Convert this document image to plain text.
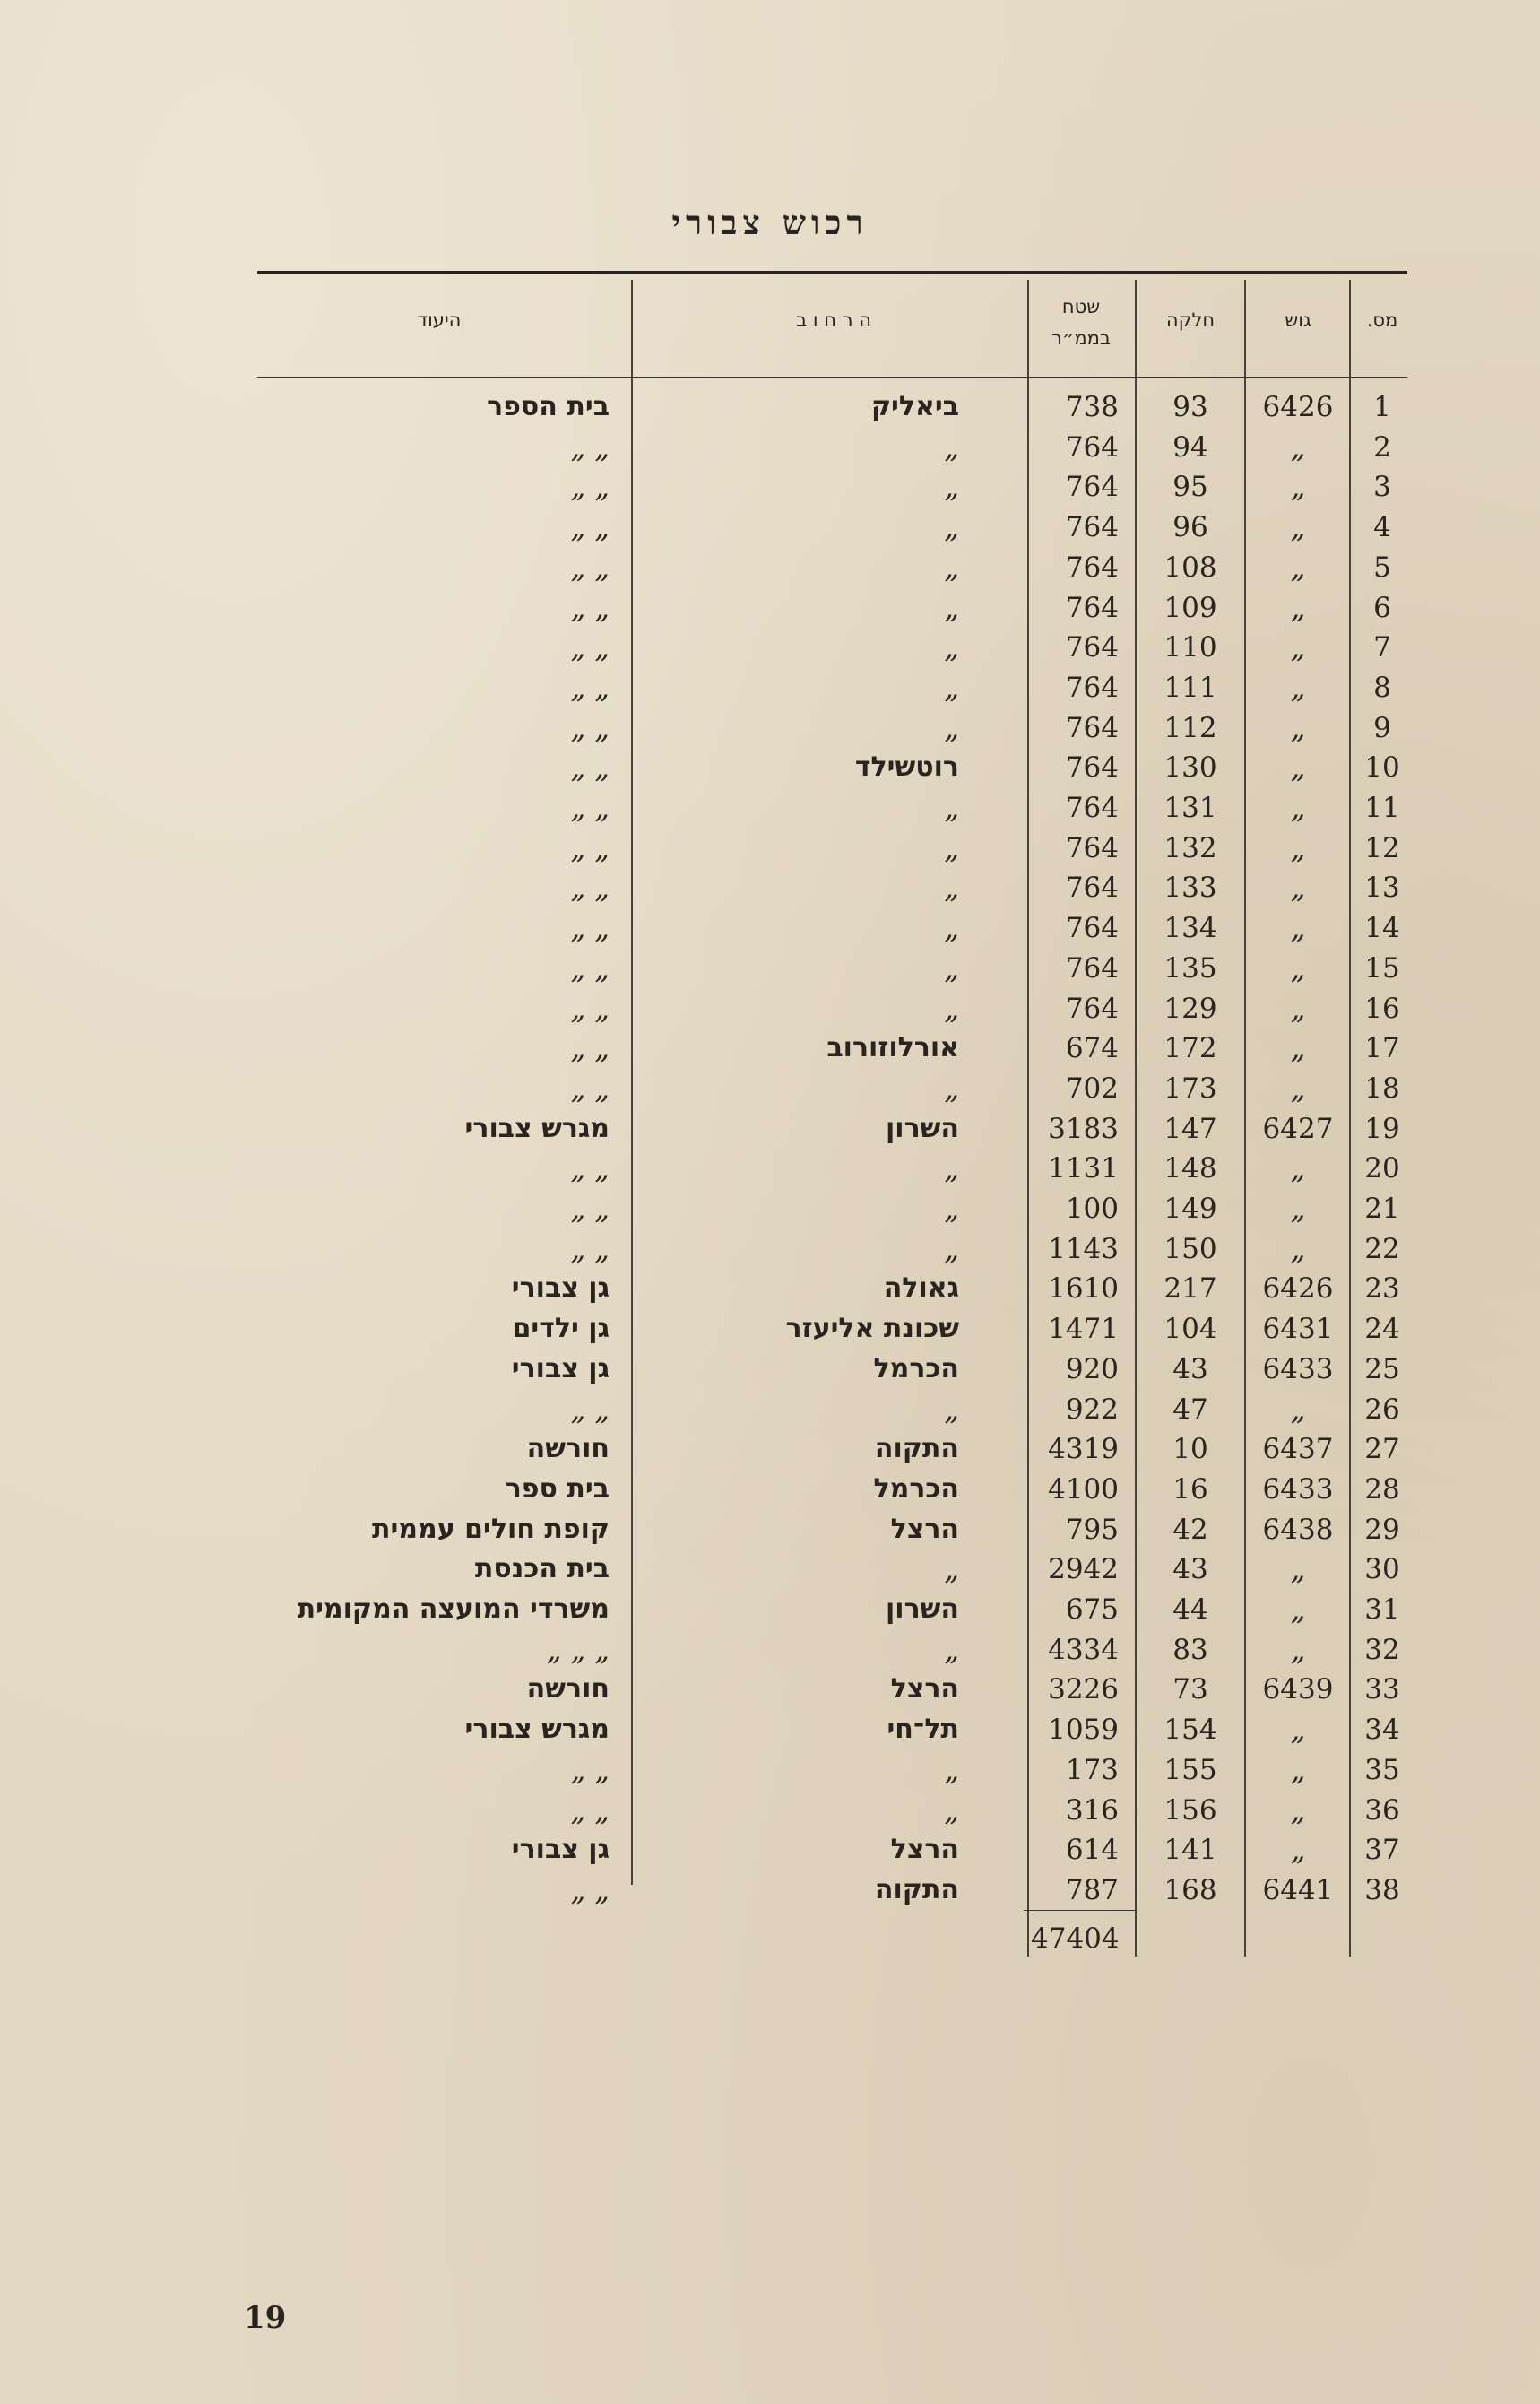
רכוש צבורי
מס.
גוש
חלקה
שטח
בממ״ר
ה ר ח ו ב
היעוד
1
6426
93
738
ביאליק
בית הספר
2
„
94
764
„
„ „
3
„
95
764
„
„ „
4
„
96
764
„
„ „
5
„
108
764
„
„ „
6
„
109
764
„
„ „
7
„
110
764
„
„ „
8
„
111
764
„
„ „
9
„
112
764
„
„ „
10
„
130
764
רוטשילד
„ „
11
„
131
764
„
„ „
12
„
132
764
„
„ „
13
„
133
764
„
„ „
14
„
134
764
„
„ „
15
„
135
764
„
„ „
16
„
129
764
„
„ „
17
„
172
674
אורלוזורוב
„ „
18
„
173
702
„
„ „
19
6427
147
3183
השרון
מגרש צבורי
20
„
148
1131
„
„ „
21
„
149
100
„
„ „
22
„
150
1143
„
„ „
23
6426
217
1610
גאולה
גן צבורי
24
6431
104
1471
שכונת אליעזר
גן ילדים
25
6433
43
920
הכרמל
גן צבורי
26
„
47
922
„
„ „
27
6437
10
4319
התקוה
חורשה
28
6433
16
4100
הכרמל
בית ספר
29
6438
42
795
הרצל
קופת חולים עממית
30
„
43
2942
„
בית הכנסת
31
„
44
675
השרון
משרדי המועצה המקומית
32
„
83
4334
„
„ „ „
33
6439
73
3226
הרצל
חורשה
34
„
154
1059
תל־חי
מגרש צבורי
35
„
155
173
„
„ „
36
„
156
316
„
„ „
37
„
141
614
הרצל
גן צבורי
38
6441
168
787
התקוה
„ „
47404
19
